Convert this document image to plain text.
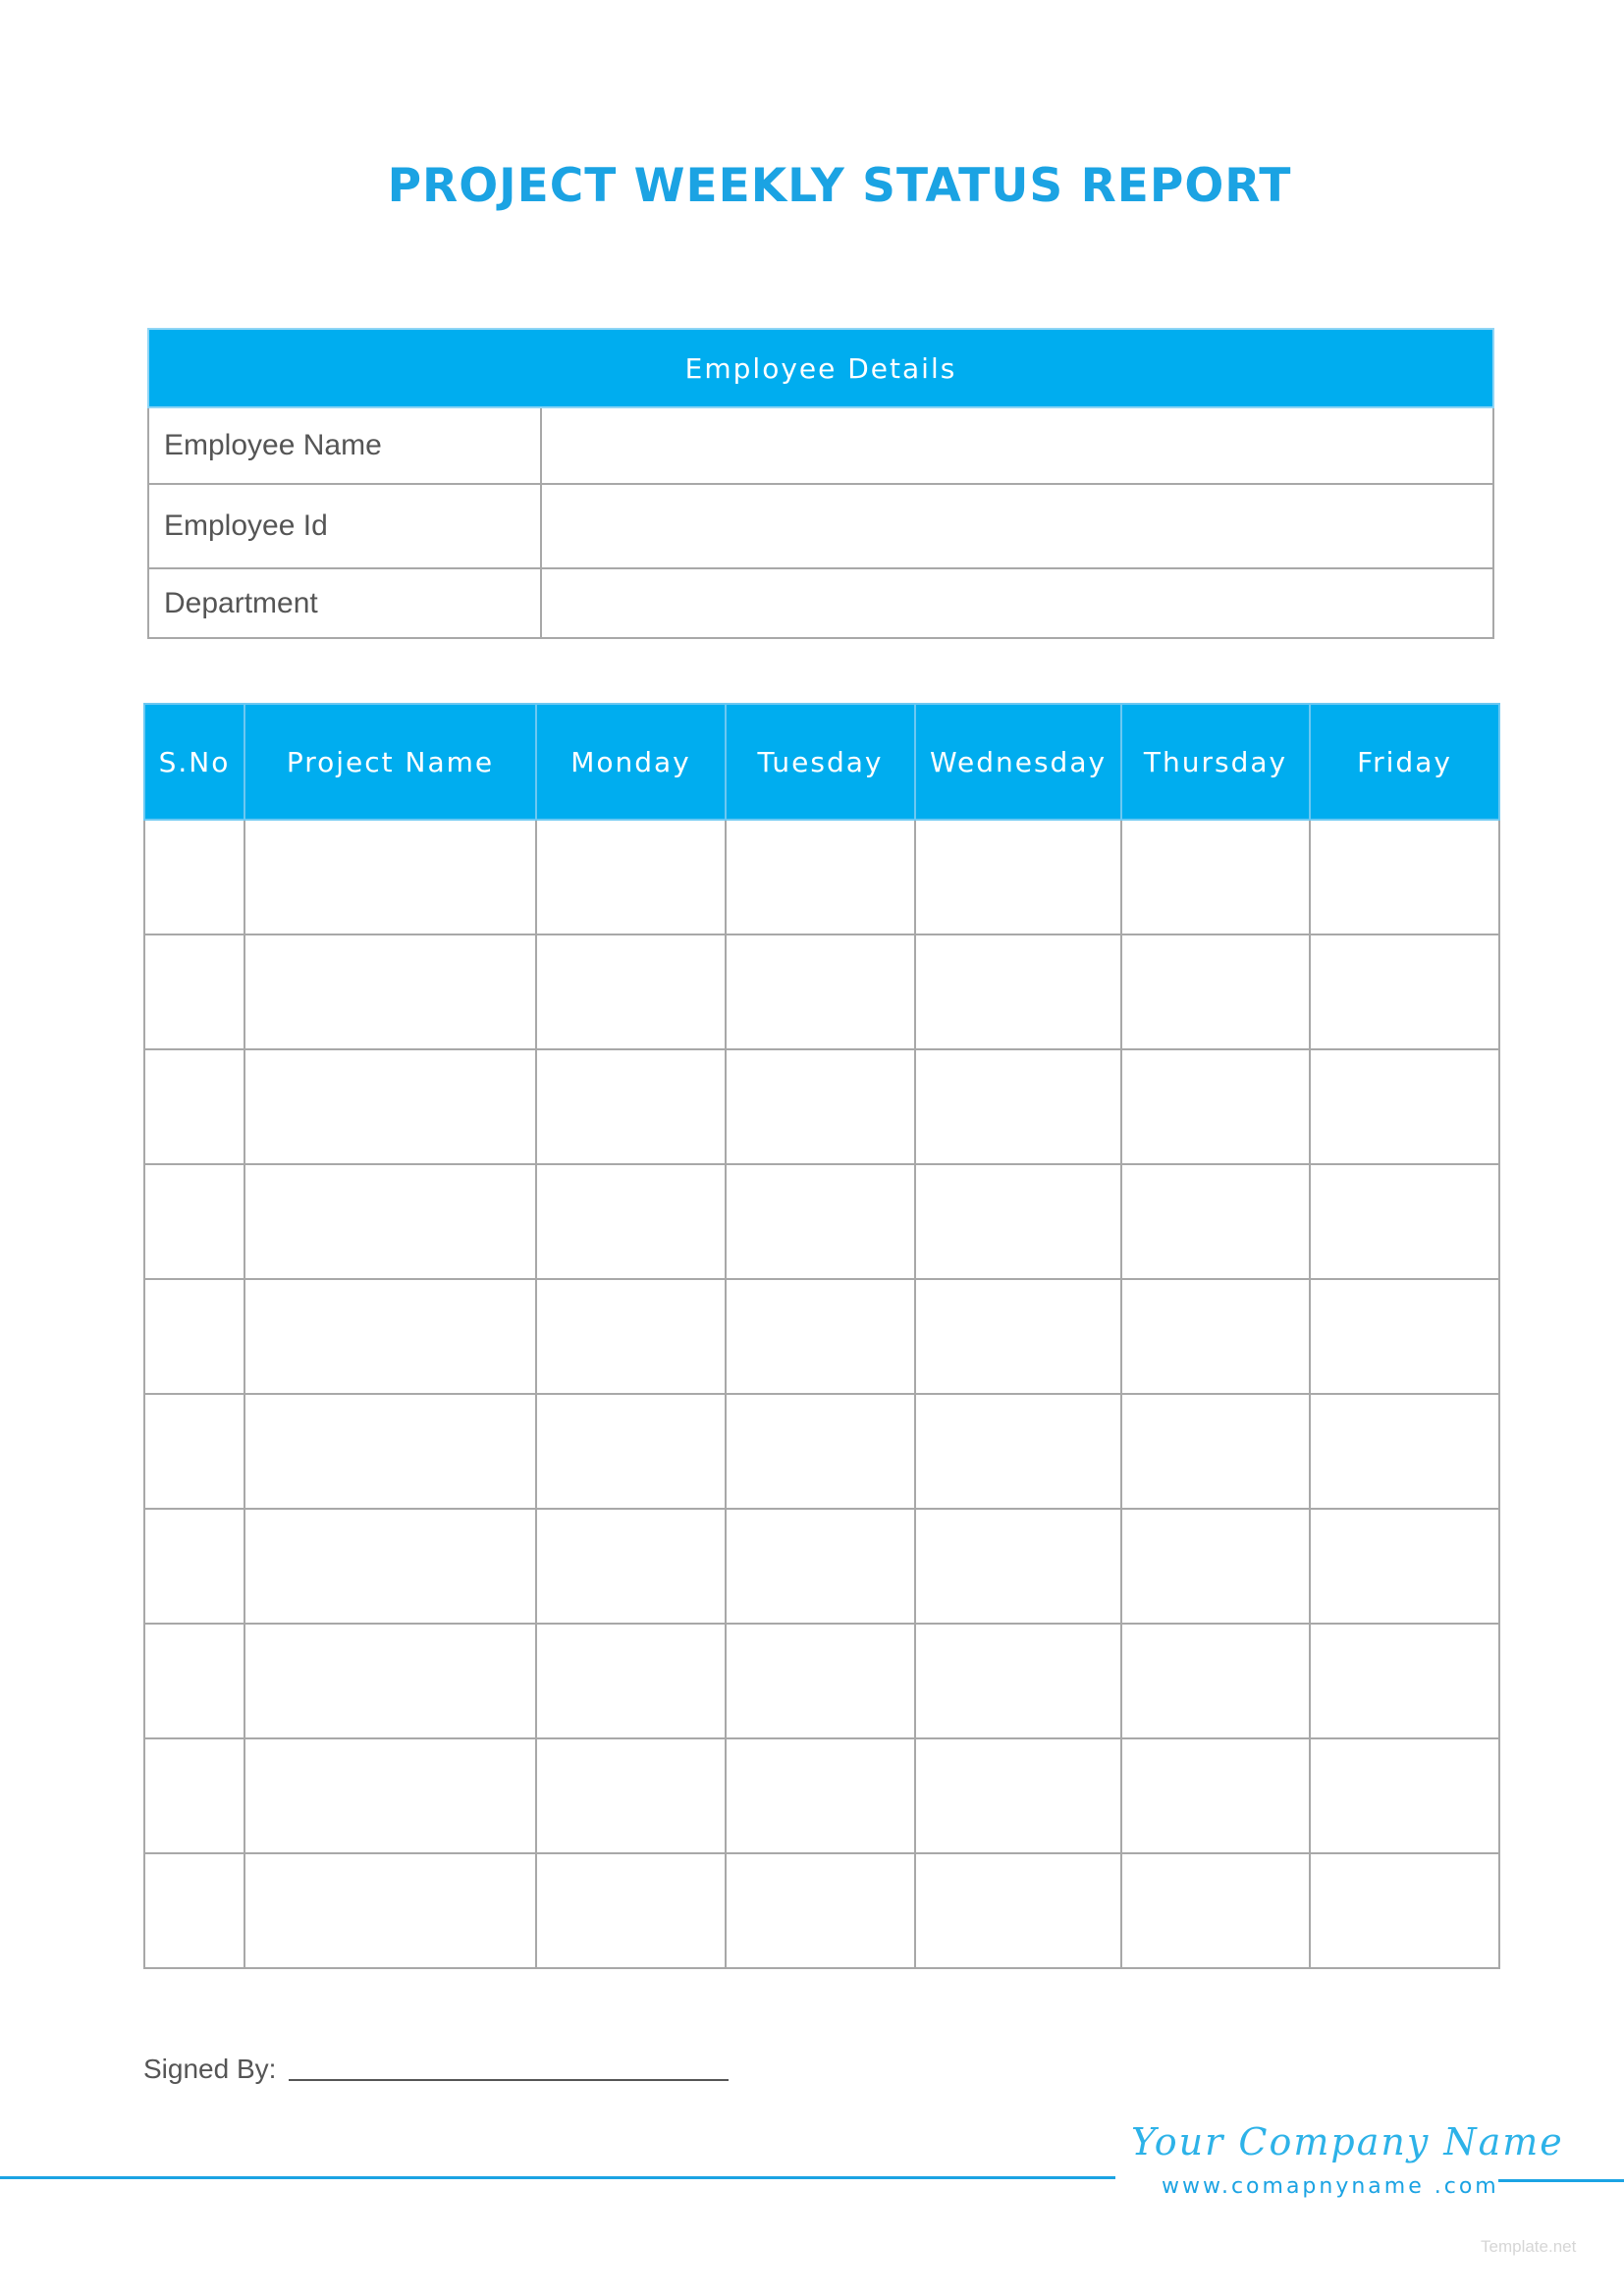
PROJECT WEEKLY STATUS REPORT
Employee Details	
Employee Name	
Employee Id	
Department	
S.No	Project Name	Monday	Tuesday	Wednesday	Thursday	Friday

Signed By:
Your Company Name
www.comapnyname .com
Template.net
